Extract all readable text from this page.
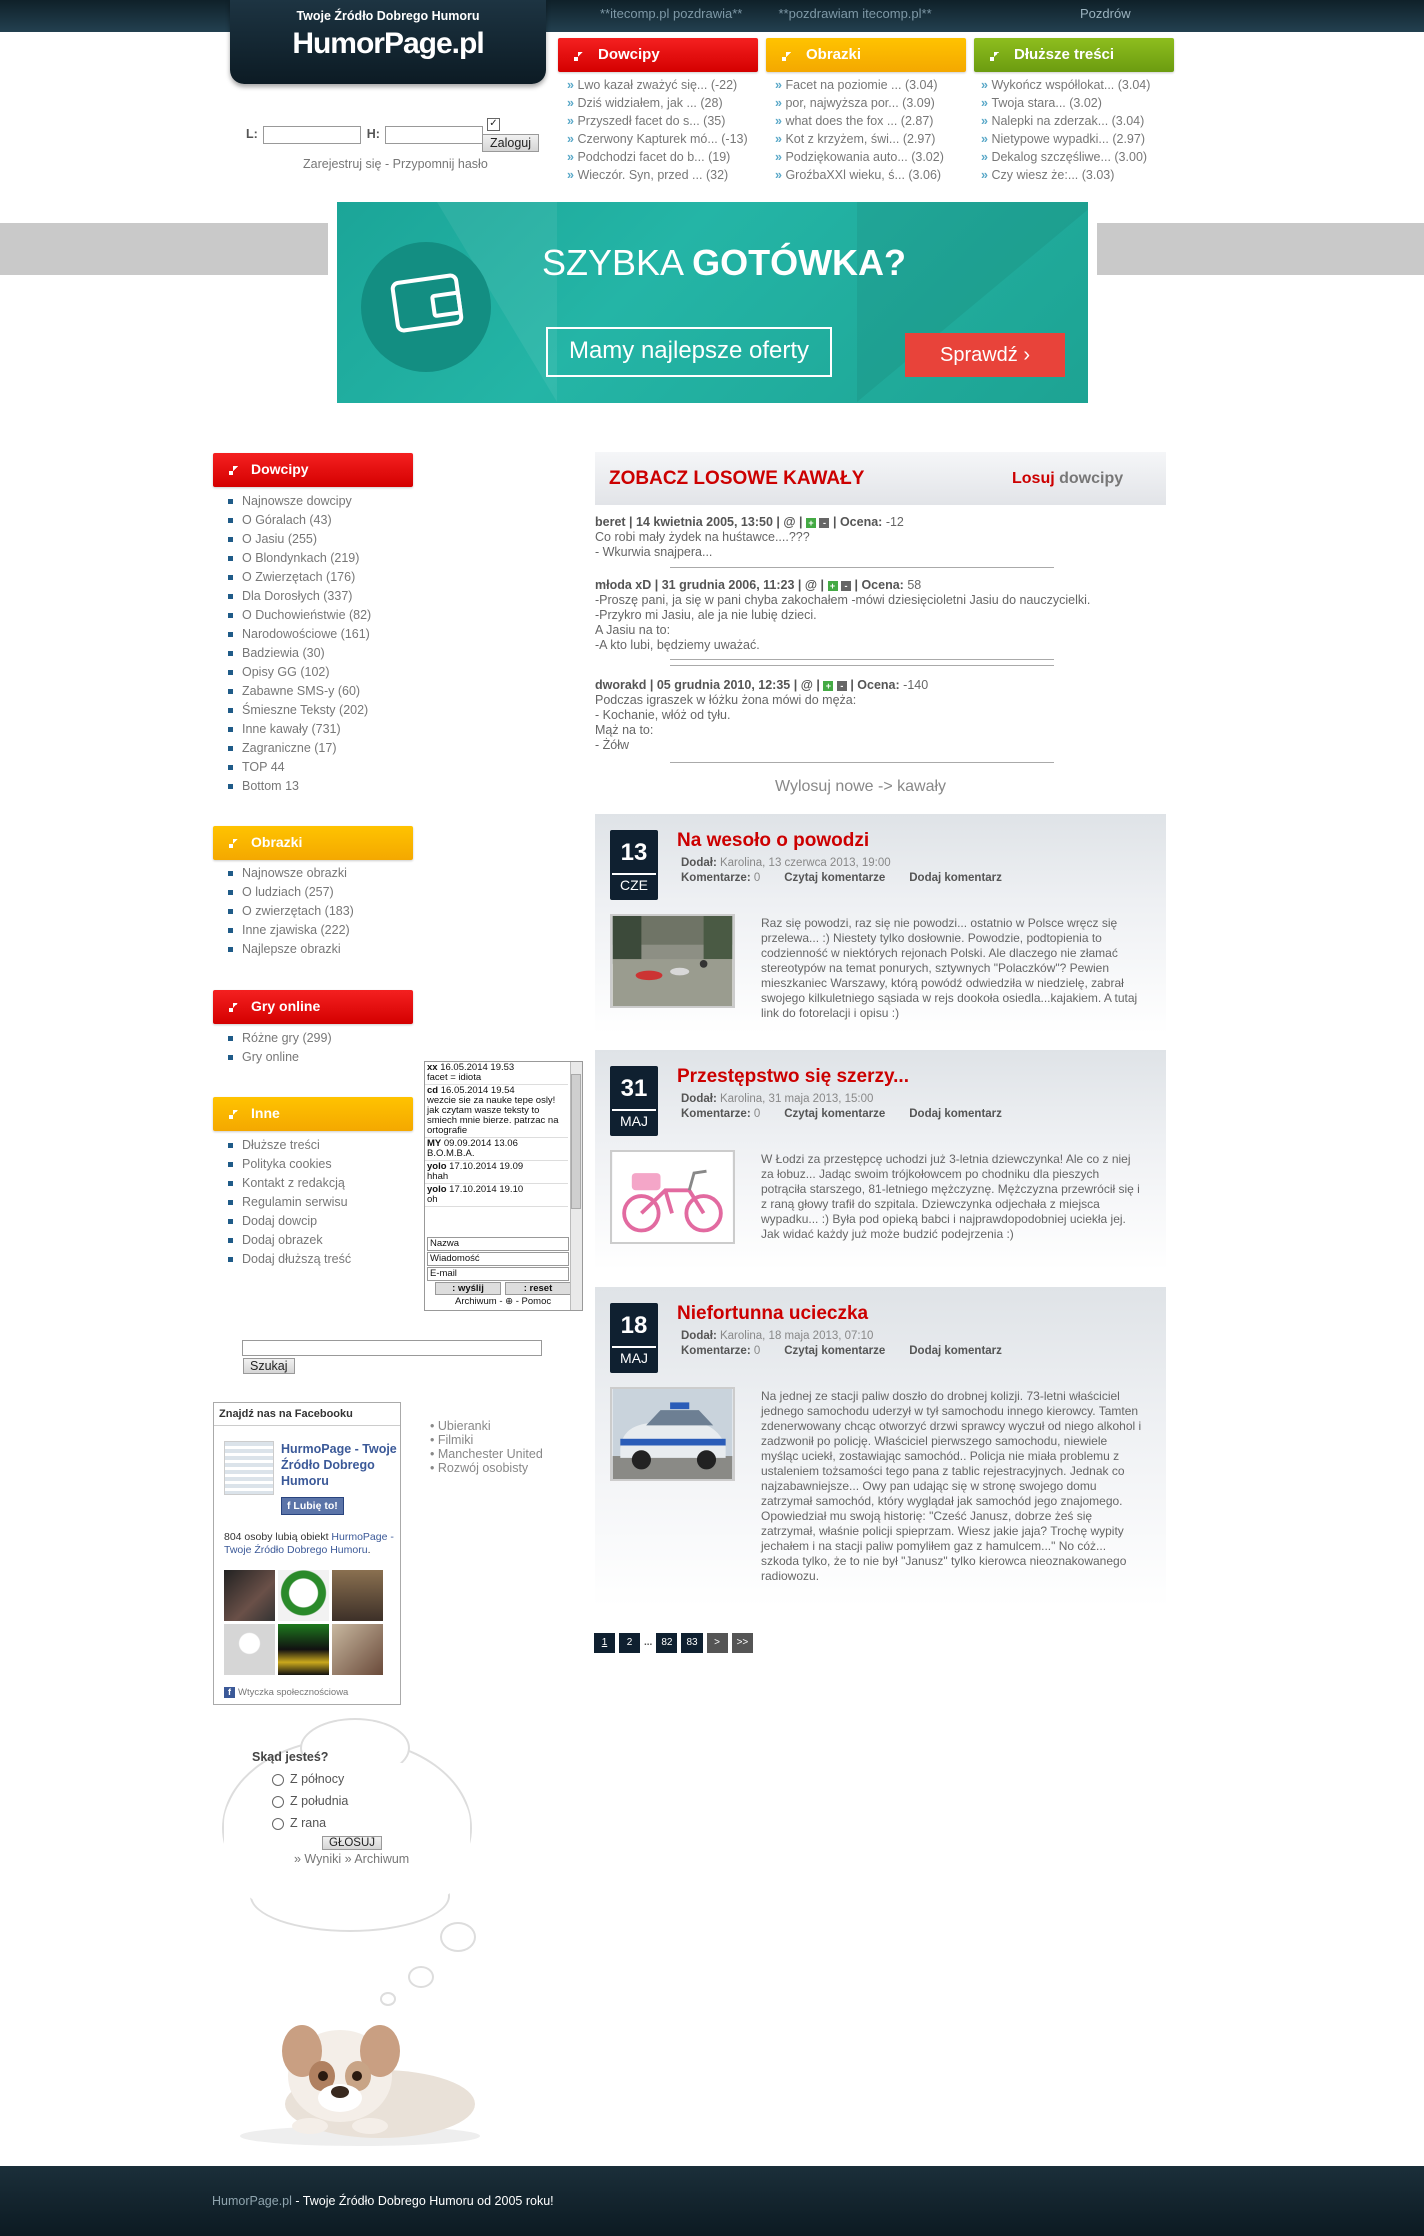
**itecomp.pl pozdrawia**          **pozdrawiam itecomp.pl**	Pozdrów
Twoje Źródło Dobrego Humoru
HumorPage.pl
L:	H:
✓
Zaloguj
Zarejestruj się - Przypomnij hasło
Dowcipy	Obrazki	Dłuższe treści
» Lwo kazał zważyć się... (-22)
» Dziś widziałem, jak ... (28)
» Przyszedł facet do s... (35)
» Czerwony Kapturek mó... (-13)
» Podchodzi facet do b... (19)
» Wieczór. Syn, przed ... (32)
» Facet na poziomie ... (3.04)
» por, najwyższa por... (3.09)
» what does the fox ... (2.87)
» Kot z krzyżem, świ... (2.97)
» Podziękowania auto... (3.02)
» GroźbaXXl wieku, ś... (3.06)
» Wykończ współlokat... (3.04)
» Twoja stara... (3.02)
» Nalepki na zderzak... (3.04)
» Nietypowe wypadki... (2.97)
» Dekalog szczęśliwe... (3.00)
» Czy wiesz że:... (3.03)
SZYBKA GOTÓWKA?
Mamy najlepsze oferty	Sprawdź ›
Dowcipy
Najnowsze dowcipy
O Góralach (43)
O Jasiu (255)
O Blondynkach (219)
O Zwierzętach (176)
Dla Dorosłych (337)
O Duchowieństwie (82)
Narodowościowe (161)
Badziewia (30)
Opisy GG (102)
Zabawne SMS-y (60)
Śmieszne Teksty (202)
Inne kawały (731)
Zagraniczne (17)
TOP 44
Bottom 13
Obrazki
Najnowsze obrazki
O ludziach (257)
O zwierzętach (183)
Inne zjawiska (222)
Najlepsze obrazki
Gry online
Różne gry (299)
Gry online
Inne
Dłuższe treści
Polityka cookies
Kontakt z redakcją
Regulamin serwisu
Dodaj dowcip
Dodaj obrazek
Dodaj dłuższą treść
xx 16.05.2014 19.53
facet = idiota
cd 16.05.2014 19.54
wezcie sie za nauke tepe osly! jak czytam wasze teksty to smiech mnie bierze. patrzac na ortografie
MY 09.09.2014 13.06
B.O.M.B.A.
yolo 17.10.2014 19.09
hhah
yolo 17.10.2014 19.10
oh
Nazwa
Wiadomość
E-mail
: wyślij	: reset
Archiwum - ⊕ - Pomoc
Szukaj
Znajdź nas na Facebooku
HurmoPage - Twoje Źródło Dobrego Humoru
f Lubię to!
804 osoby lubią obiekt HurmoPage - Twoje Źródło Dobrego Humoru.
f Wtyczka społecznościowa
• Ubieranki
• Filmiki
• Manchester United
• Rozwój osobisty
Skąd jesteś?
Z północy
Z południa
Z rana
GŁOSUJ
» Wyniki » Archiwum
ZOBACZ LOSOWE KAWAŁY	Losuj dowcipy
beret | 14 kwietnia 2005, 13:50 | @ | + - | Ocena: -12
Co robi mały żydek na huśtawce....???
- Wkurwia snajpera...
młoda xD | 31 grudnia 2006, 11:23 | @ | + - | Ocena: 58
-Proszę pani, ja się w pani chyba zakochałem -mówi dziesięcioletni Jasiu do nauczycielki.
-Przykro mi Jasiu, ale ja nie lubię dzieci.
A Jasiu na to:
-A kto lubi, będziemy uważać.
dworakd | 05 grudnia 2010, 12:35 | @ | + - | Ocena: -140
Podczas igraszek w łóżku żona mówi do męża:
- Kochanie, włóż od tyłu.
Mąż na to:
- Żółw
Wylosuj nowe -> kawały
13
CZE
Na wesoło o powodzi
Dodał: Karolina, 13 czerwca 2013, 19:00
Komentarze: 0 Czytaj komentarze Dodaj komentarz
Raz się powodzi, raz się nie powodzi... ostatnio w Polsce wręcz się przelewa... :) Niestety tylko dosłownie. Powodzie, podtopienia to codzienność w niektórych rejonach Polski. Ale dlaczego nie złamać stereotypów na temat ponurych, sztywnych "Polaczków"? Pewien mieszkaniec Warszawy, którą powódź odwiedziła w niedzielę, zabrał swojego kilkuletniego sąsiada w rejs dookoła osiedla...kajakiem. A tutaj link do fotorelacji i opisu :)
31
MAJ
Przestępstwo się szerzy...
Dodał: Karolina, 31 maja 2013, 15:00
Komentarze: 0 Czytaj komentarze Dodaj komentarz
W Łodzi za przestępcę uchodzi już 3-letnia dziewczynka! Ale co z niej za łobuz... Jadąc swoim trójkołowcem po chodniku dla pieszych potrąciła starszego, 81-letniego mężczyznę. Mężczyzna przewrócił się i z raną głowy trafił do szpitala. Dziewczynka odjechała z miejsca wypadku... :) Była pod opieką babci i najprawdopodobniej uciekła jej. Jak widać każdy już może budzić podejrzenia :)
18
MAJ
Niefortunna ucieczka
Dodał: Karolina, 18 maja 2013, 07:10
Komentarze: 0 Czytaj komentarze Dodaj komentarz
Na jednej ze stacji paliw doszło do drobnej kolizji. 73-letni właściciel jednego samochodu uderzył w tył samochodu innego kierowcy. Tamten zdenerwowany chcąc otworzyć drzwi sprawcy wyczuł od niego alkohol i zadzwonił po policję. Właściciel pierwszego samochodu, niewiele myśląc uciekł, zostawiając samochód.. Policja nie miała problemu z ustaleniem tożsamości tego pana z tablic rejestracyjnych. Jednak co najzabawniejsze... Owy pan udając się w stronę swojego domu zatrzymał samochód, który wyglądał jak samochód jego znajomego. Opowiedział mu swoją historię: "Cześć Janusz, dobrze żeś się zatrzymał, właśnie policji spieprzam. Wiesz jakie jaja? Trochę wypity jechałem i na stacji paliw pomyliłem gaz z hamulcem..." No cóż... szkoda tylko, że to nie był "Janusz" tylko kierowca nieoznakowanego radiowozu.
1 2 ... 82 83 > >>

HumorPage.pl - Twoje Źródło Dobrego Humoru od 2005 roku!
